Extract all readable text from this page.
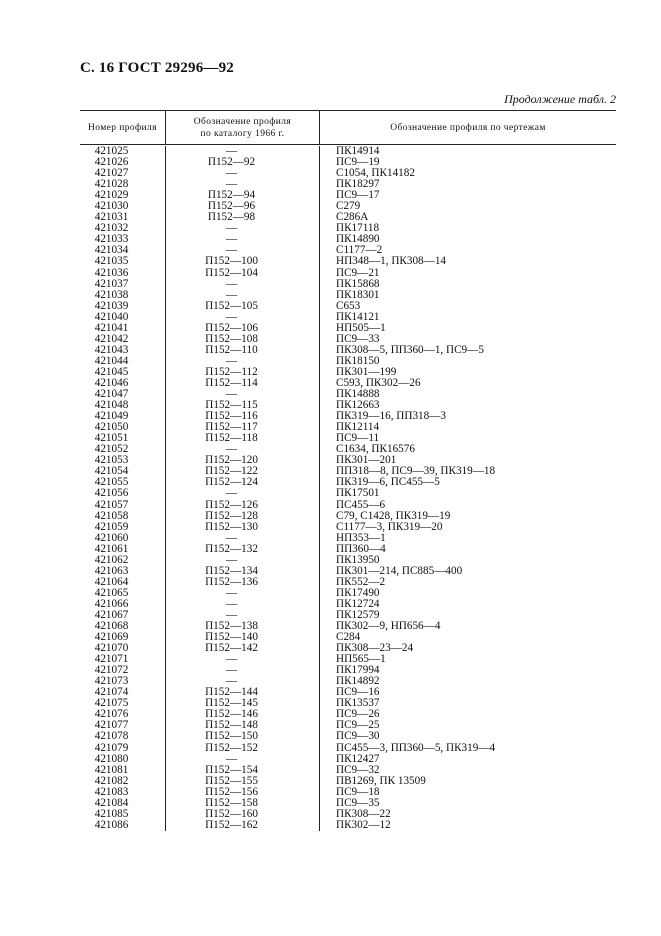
С. 16 ГОСТ 29296—92
Продолжение табл. 2
Номер профиля
Обозначение профиля
по каталогу 1966 г.
Обозначение профиля по чертежам
421025
421026
421027
421028
421029
421030
421031
421032
421033
421034
421035
421036
421037
421038
421039
421040
421041
421042
421043
421044
421045
421046
421047
421048
421049
421050
421051
421052
421053
421054
421055
421056
421057
421058
421059
421060
421061
421062
421063
421064
421065
421066
421067
421068
421069
421070
421071
421072
421073
421074
421075
421076
421077
421078
421079
421080
421081
421082
421083
421084
421085
421086
—
П152—92
—
—
П152—94
П152—96
П152—98
—
—
—
П152—100
П152—104
—
—
П152—105
—
П152—106
П152—108
П152—110
—
П152—112
П152—114
—
П152—115
П152—116
П152—117
П152—118
—
П152—120
П152—122
П152—124
—
П152—126
П152—128
П152—130
—
П152—132
—
П152—134
П152—136
—
—
—
П152—138
П152—140
П152—142
—
—
—
П152—144
П152—145
П152—146
П152—148
П152—150
П152—152
—
П152—154
П152—155
П152—156
П152—158
П152—160
П152—162
ПК14914
ПС9—19
С1054, ПК14182
ПК18297
ПС9—17
С279
С286А
ПК17118
ПК14890
С1177—2
НП348—1, ПК308—14
ПС9—21
ПК15868
ПК18301
С653
ПК14121
НП505—1
ПС9—33
ПК308—5, ПП360—1, ПС9—5
ПК18150
ПК301—199
С593, ПК302—26
ПК14888
ПК12663
ПК319—16, ПП318—3
ПК12114
ПС9—11
С1634, ПК16576
ПК301—201
ПП318—8, ПС9—39, ПК319—18
ПК319—6, ПС455—5
ПК17501
ПС455—6
С79, С1428, ПК319—19
С1177—3, ПК319—20
НП353—1
ПП360—4
ПК13950
ПК301—214, ПС885—400
ПК552—2
ПК17490
ПК12724
ПК12579
ПК302—9, НП656—4
С284
ПК308—23—24
НП565—1
ПК17994
ПК14892
ПС9—16
ПК13537
ПС9—26
ПС9—25
ПС9—30
ПС455—3, ПП360—5, ПК319—4
ПК12427
ПС9—32
ПВ1269, ПК 13509
ПС9—18
ПС9—35
ПК308—22
ПК302—12
